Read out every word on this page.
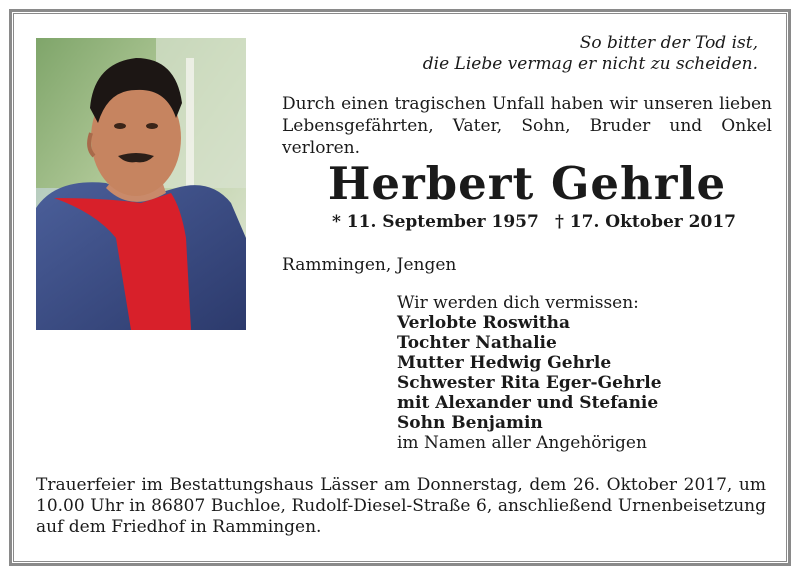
So bitter der Tod ist,
die Liebe vermag er nicht zu scheiden.
Durch einen tragischen Unfall haben wir unseren lieben
Lebensgefährten, Vater, Sohn, Bruder und Onkel verloren.
Herbert Gehrle
* 11. September 1957 † 17. Oktober 2017
Rammingen, Jengen
Wir werden dich vermissen:
Verlobte Roswitha
Tochter Nathalie
Mutter Hedwig Gehrle
Schwester Rita Eger-Gehrle
mit Alexander und Stefanie
Sohn Benjamin
im Namen aller Angehörigen
Trauerfeier im Bestattungshaus Lässer am Donnerstag, dem 26. Oktober 2017, um
10.00 Uhr in 86807 Buchloe, Rudolf-Diesel-Straße 6, anschließend Urnenbeisetzung
auf dem Friedhof in Rammingen.
